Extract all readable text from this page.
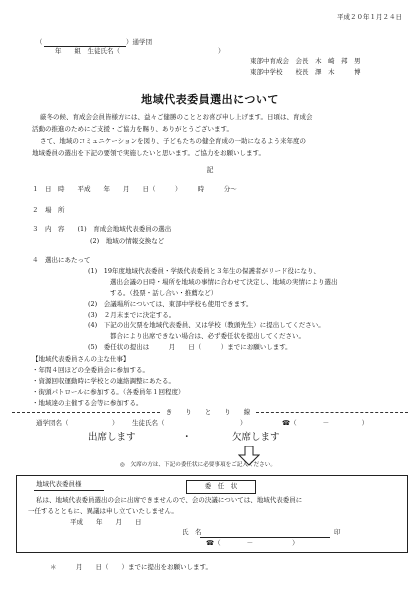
平成２０年１月２４日
（	）通学団
年　　組　生徒氏名（	）
東部中育成会　会長　木　崎　邦　男
東部中学校　　校長　澤　木　　　博
地域代表委員選出について
厳冬の候、育成会会員皆様方には、益々ご健勝のこととお喜び申し上げます。日頃は、育成会
活動の推進のためにご支援・ご協力を賜り、ありがとうございます。
さて、地域のコミュニケーションを図り、子どもたちの健全育成の一助になるよう来年度の
地域委員の選出を下記の要領で実施したいと思います。ご協力をお願いします。
記
１　日　時　　平成　　年　　月　　日（　　　）　　　時　　　分～
２　場　所
３　内　容　　(1)　育成会地域代表委員の選出
(2)　地域の情報交換など
４　選出にあたって
(1)　19年度地域代表委員・学級代表委員と３年生の保護者がリード役になり、
選出会議の日時・場所を地域の事情に合わせて決定し、地域の実情により選出
する。（投票・話し合い・推薦など）
(2)　会議場所については、東部中学校も使用できます。
(3)　２月末までに決定する。
(4)　下記の出欠票を地域代表委員、又は学校（教頭先生）に提出してください。
都合により出席できない場合は、必ず委任状を提出してください。
(5)　委任状の提出は　　　月　　日（　　　）までにお願いします。
【地域代表委員さんの主な仕事】
・年間４回ほどの全委員会に参加する。
・資源回収運動時に学校との連絡調整にあたる。
・街頭パトロールに参加する。（各委員年１回程度）
・地域達の主催する会等に参加する。
き　　り　　と　　り　　線
通学団名（	） 生徒氏名（	）	☎（　　　　－　　　　　）
出席します	・	欠席します
◎　欠席の方は、下記の委任状に必要事項をご記入ください。
地域代表委員様	委　任　状
私は、地域代表委員選出の会に出席できませんので、会の決議については、地域代表委員に
一任するとともに、異議は申し立ていたしません。
平成　　年　　月　　日
氏　名	印
☎（　　　　－　　　　　　）
＊　　　月　　日（　　）までに提出をお願いします。
